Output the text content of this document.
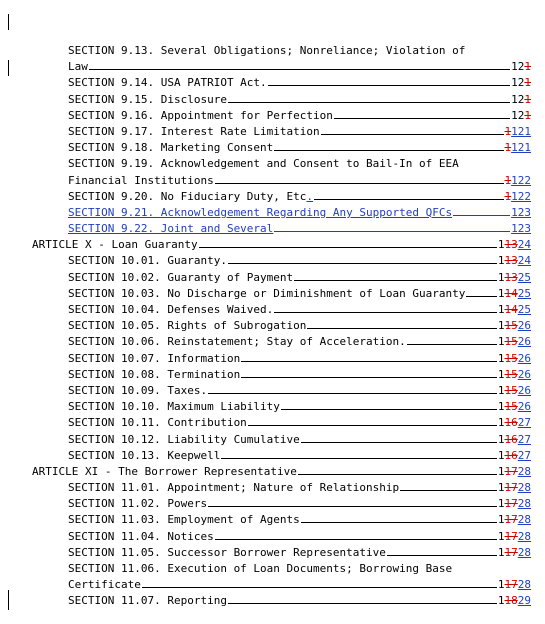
SECTION 9.13. Several Obligations; Nonreliance; Violation of
Law	121
SECTION 9.14. USA PATRIOT Act.	121
SECTION 9.15. Disclosure	121
SECTION 9.16. Appointment for Perfection	121
SECTION 9.17. Interest Rate Limitation	1121
SECTION 9.18. Marketing Consent	1121
SECTION 9.19. Acknowledgement and Consent to Bail-In of EEA
Financial Institutions	1122
SECTION 9.20. No Fiduciary Duty, Etc.	1122
SECTION 9.21. Acknowledgement Regarding Any Supported QFCs	123
SECTION 9.22. Joint and Several	123
ARTICLE X - Loan Guaranty	11324
SECTION 10.01. Guaranty.	11324
SECTION 10.02. Guaranty of Payment	11325
SECTION 10.03. No Discharge or Diminishment of Loan Guaranty	11425
SECTION 10.04. Defenses Waived.	11425
SECTION 10.05. Rights of Subrogation	11526
SECTION 10.06. Reinstatement; Stay of Acceleration.	11526
SECTION 10.07. Information	11526
SECTION 10.08. Termination	11526
SECTION 10.09. Taxes.	11526
SECTION 10.10. Maximum Liability	11526
SECTION 10.11. Contribution	11627
SECTION 10.12. Liability Cumulative	11627
SECTION 10.13. Keepwell	11627
ARTICLE XI - The Borrower Representative	11728
SECTION 11.01. Appointment; Nature of Relationship	11728
SECTION 11.02. Powers	11728
SECTION 11.03. Employment of Agents	11728
SECTION 11.04. Notices	11728
SECTION 11.05. Successor Borrower Representative	11728
SECTION 11.06. Execution of Loan Documents; Borrowing Base
Certificate	11728
SECTION 11.07. Reporting	11829
